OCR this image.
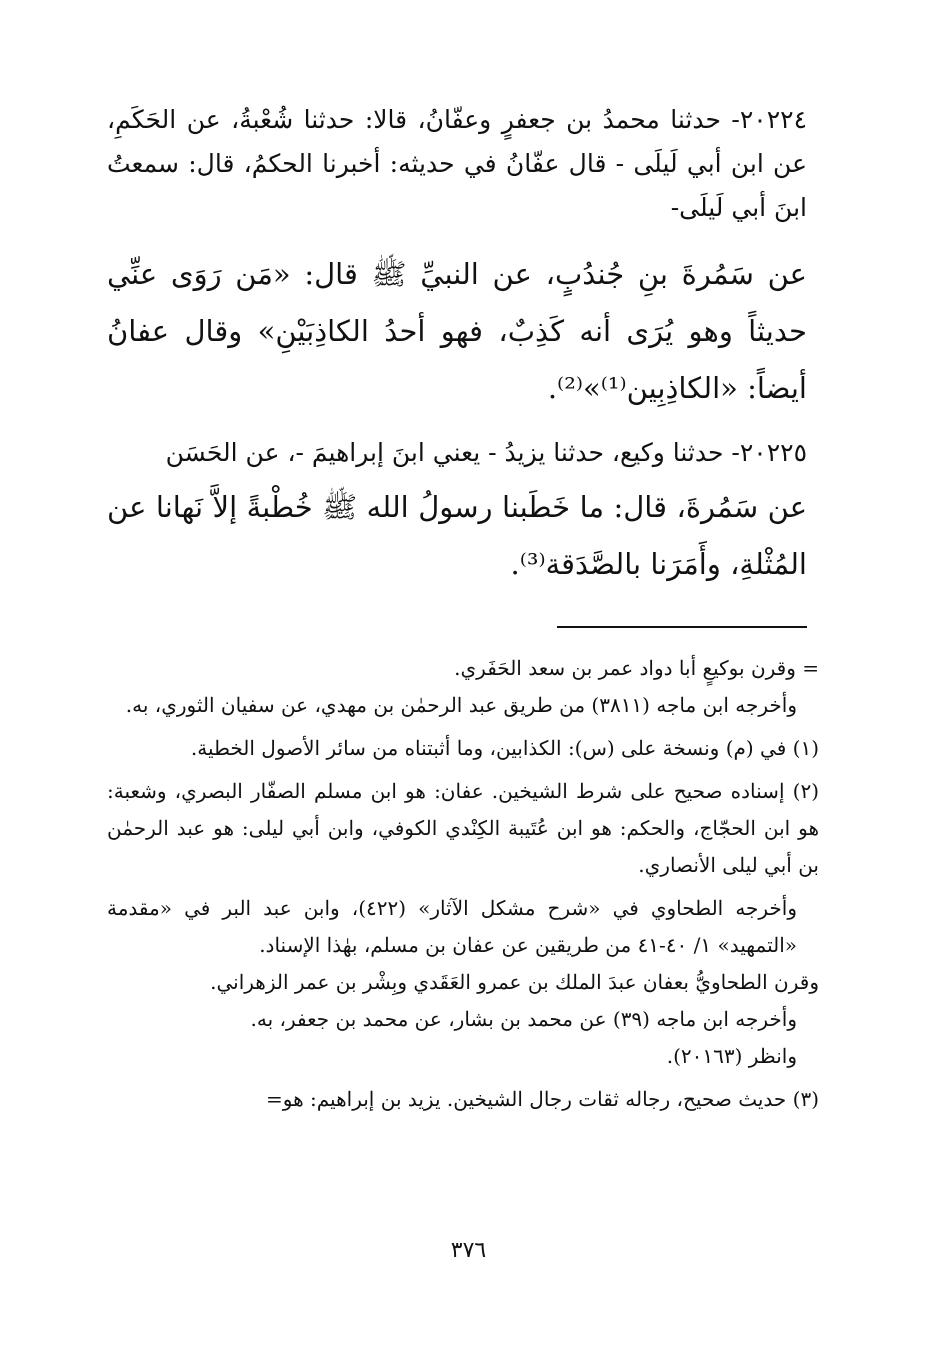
٢٠٢٢٤- حدثنا محمدُ بن جعفرٍ وعفّانُ، قالا: حدثنا شُعْبةُ، عن الحَكَمِ، عن ابن أبي لَيلَى - قال عفّانُ في حديثه: أخبرنا الحكمُ، قال: سمعتُ ابنَ أبي لَيلَى-

عن سَمُرةَ بنِ جُندُبٍ، عن النبيِّ ﷺ قال: «مَن رَوَى عنِّي حديثاً وهو يُرَى أنه كَذِبٌ، فهو أحدُ الكاذِبَيْنِ» وقال عفانُ أيضاً: «الكاذِبِين⁽¹⁾»⁽²⁾.

٢٠٢٢٥- حدثنا وكيع، حدثنا يزيدُ - يعني ابنَ إبراهيمَ -، عن الحَسَن

عن سَمُرةَ، قال: ما خَطَبنا رسولُ الله ﷺ خُطْبةً إلاَّ نَهانا عن المُثْلةِ، وأَمَرَنا بالصَّدَقة⁽³⁾.

= وقرن بوكيعٍ أبا دواد عمر بن سعد الحَفَري.

وأخرجه ابن ماجه (٣٨١١) من طريق عبد الرحمٰن بن مهدي، عن سفيان الثوري، به.

(١) في (م) ونسخة على (س): الكذابين، وما أثبتناه من سائر الأصول الخطية.

(٢) إسناده صحيح على شرط الشيخين. عفان: هو ابن مسلم الصفّار البصري، وشعبة: هو ابن الحجّاج، والحكم: هو ابن عُتَيبة الكِنْدي الكوفي، وابن أبي ليلى: هو عبد الرحمٰن بن أبي ليلى الأنصاري.

وأخرجه الطحاوي في «شرح مشكل الآثار» (٤٢٢)، وابن عبد البر في «مقدمة «التمهيد» ١/ ٤٠-٤١ من طريقين عن عفان بن مسلم، بهٰذا الإسناد.

وقرن الطحاويُّ بعفان عبدَ الملك بن عمرو العَقَدي وبِشْر بن عمر الزهراني.

وأخرجه ابن ماجه (٣٩) عن محمد بن بشار، عن محمد بن جعفر، به.

وانظر (٢٠١٦٣).

(٣) حديث صحيح، رجاله ثقات رجال الشيخين. يزيد بن إبراهيم: هو=

٣٧٦
